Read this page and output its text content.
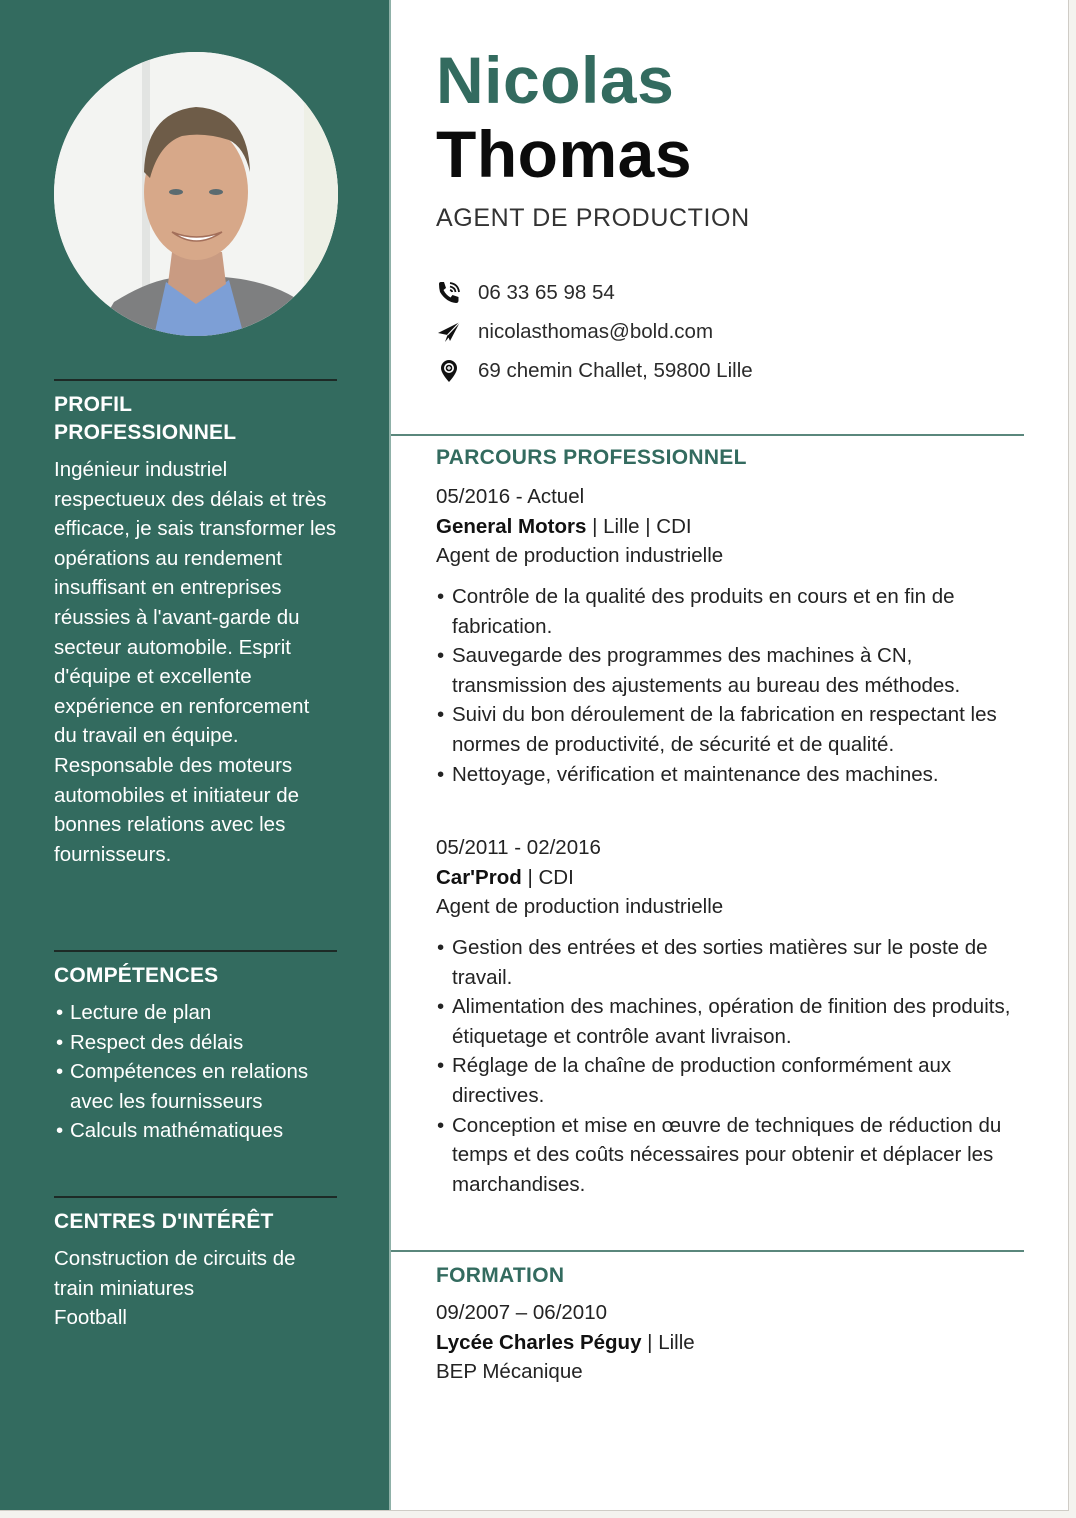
PROFIL
PROFESSIONNEL
Ingénieur industriel respectueux des délais et très efficace, je sais transformer les opérations au rendement insuffisant en entreprises réussies à l'avant-garde du secteur automobile. Esprit d'équipe et excellente expérience en renforcement du travail en équipe. Responsable des moteurs automobiles et initiateur de bonnes relations avec les fournisseurs.
COMPÉTENCES
• Lecture de plan
• Respect des délais
• Compétences en relations avec les fournisseurs
• Calculs mathématiques
CENTRES D'INTÉRÊT
Construction de circuits de train miniatures
Football
Nicolas
Thomas
AGENT DE PRODUCTION
06 33 65 98 54
nicolasthomas@bold.com
69 chemin Challet, 59800 Lille
PARCOURS PROFESSIONNEL
05/2016 - Actuel
General Motors | Lille | CDI
Agent de production industrielle
• Contrôle de la qualité des produits en cours et en fin de fabrication.
• Sauvegarde des programmes des machines à CN, transmission des ajustements au bureau des méthodes.
• Suivi du bon déroulement de la fabrication en respectant les normes de productivité, de sécurité et de qualité.
• Nettoyage, vérification et maintenance des machines.
05/2011 - 02/2016
Car'Prod | CDI
Agent de production industrielle
• Gestion des entrées et des sorties matières sur le poste de travail.
• Alimentation des machines, opération de finition des produits, étiquetage et contrôle avant livraison.
• Réglage de la chaîne de production conformément aux directives.
• Conception et mise en œuvre de techniques de réduction du temps et des coûts nécessaires pour obtenir et déplacer les marchandises.
FORMATION
09/2007 – 06/2010
Lycée Charles Péguy | Lille
BEP Mécanique
